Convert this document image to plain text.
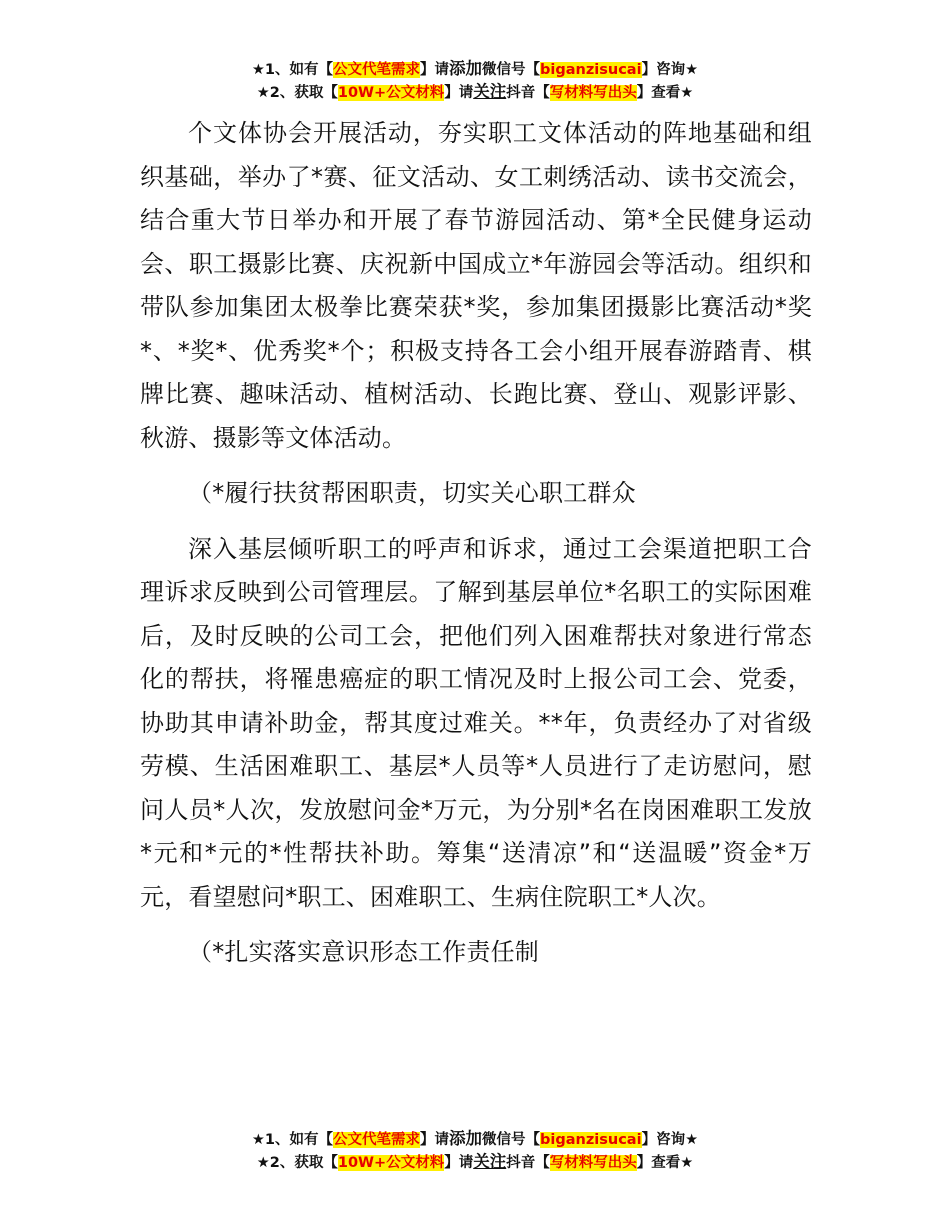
★1、如有【公文代笔需求】请添加微信号【biganzisucai】咨询★
★2、获取【10W+公文材料】请关注抖音【写材料写出头】查看★

个文体协会开展活动，夯实职工文体活动的阵地基础和组织基础，举办了*赛、征文活动、女工刺绣活动、读书交流会，结合重大节日举办和开展了春节游园活动、第*全民健身运动会、职工摄影比赛、庆祝新中国成立*年游园会等活动。组织和带队参加集团太极拳比赛荣获*奖，参加集团摄影比赛活动*奖*、*奖*、优秀奖*个；积极支持各工会小组开展春游踏青、棋牌比赛、趣味活动、植树活动、长跑比赛、登山、观影评影、秋游、摄影等文体活动。

（*履行扶贫帮困职责，切实关心职工群众

深入基层倾听职工的呼声和诉求，通过工会渠道把职工合理诉求反映到公司管理层。了解到基层单位*名职工的实际困难后，及时反映的公司工会，把他们列入困难帮扶对象进行常态化的帮扶，将罹患癌症的职工情况及时上报公司工会、党委，协助其申请补助金，帮其度过难关。**年，负责经办了对省级劳模、生活困难职工、基层*人员等*人员进行了走访慰问，慰问人员*人次，发放慰问金*万元，为分别*名在岗困难职工发放*元和*元的*性帮扶补助。筹集“送清凉”和“送温暖”资金*万元，看望慰问*职工、困难职工、生病住院职工*人次。

（*扎实落实意识形态工作责任制

★1、如有【公文代笔需求】请添加微信号【biganzisucai】咨询★
★2、获取【10W+公文材料】请关注抖音【写材料写出头】查看★
